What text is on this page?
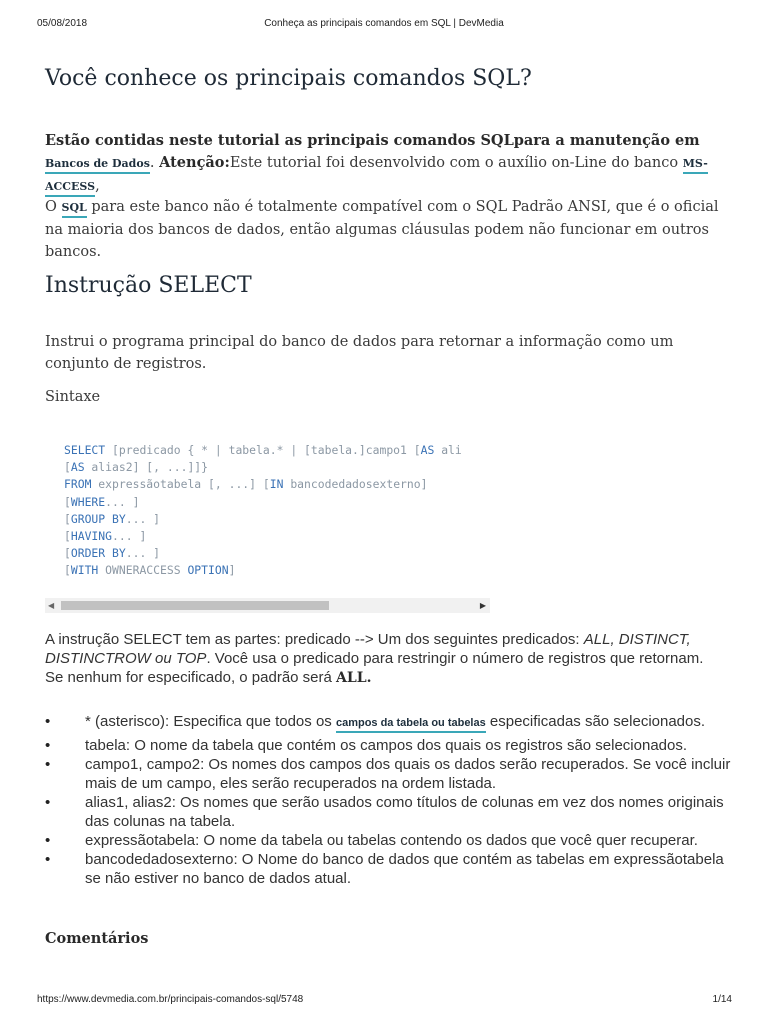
05/08/2018	Conheça as principais comandos em SQL | DevMedia
Você conhece os principais comandos SQL?
Estão contidas neste tutorial as principais comandos SQLpara a manutenção em Bancos de Dados. Atenção:Este tutorial foi desenvolvido com o auxílio on-Line do banco MS-ACCESS,
O SQL para este banco não é totalmente compatível com o SQL Padrão ANSI, que é o oficial na maioria dos bancos de dados, então algumas cláusulas podem não funcionar em outros bancos.
Instrução SELECT
Instrui o programa principal do banco de dados para retornar a informação como um conjunto de registros.
Sintaxe
SELECT [predicado { * | tabela.* | [tabela.]campo1 [AS ali
[AS alias2] [, ...]]}
FROM expressãotabela [, ...] [IN bancodedadosexterno]
[WHERE... ]
[GROUP BY... ]
[HAVING... ]
[ORDER BY... ]
[WITH OWNERACCESS OPTION]
◀	▶
A instrução SELECT tem as partes: predicado --> Um dos seguintes predicados: ALL, DISTINCT, DISTINCTROW ou TOP. Você usa o predicado para restringir o número de registros que retornam. Se nenhum for especificado, o padrão será ALL.
• * (asterisco): Especifica que todos os campos da tabela ou tabelas especificadas são selecionados.
• tabela: O nome da tabela que contém os campos dos quais os registros são selecionados.
• campo1, campo2: Os nomes dos campos dos quais os dados serão recuperados. Se você incluir mais de um campo, eles serão recuperados na ordem listada.
• alias1, alias2: Os nomes que serão usados como títulos de colunas em vez dos nomes originais das colunas na tabela.
• expressãotabela: O nome da tabela ou tabelas contendo os dados que você quer recuperar.
• bancodedadosexterno: O Nome do banco de dados que contém as tabelas em expressãotabela se não estiver no banco de dados atual.
Comentários
https://www.devmedia.com.br/principais-comandos-sql/5748	1/14
